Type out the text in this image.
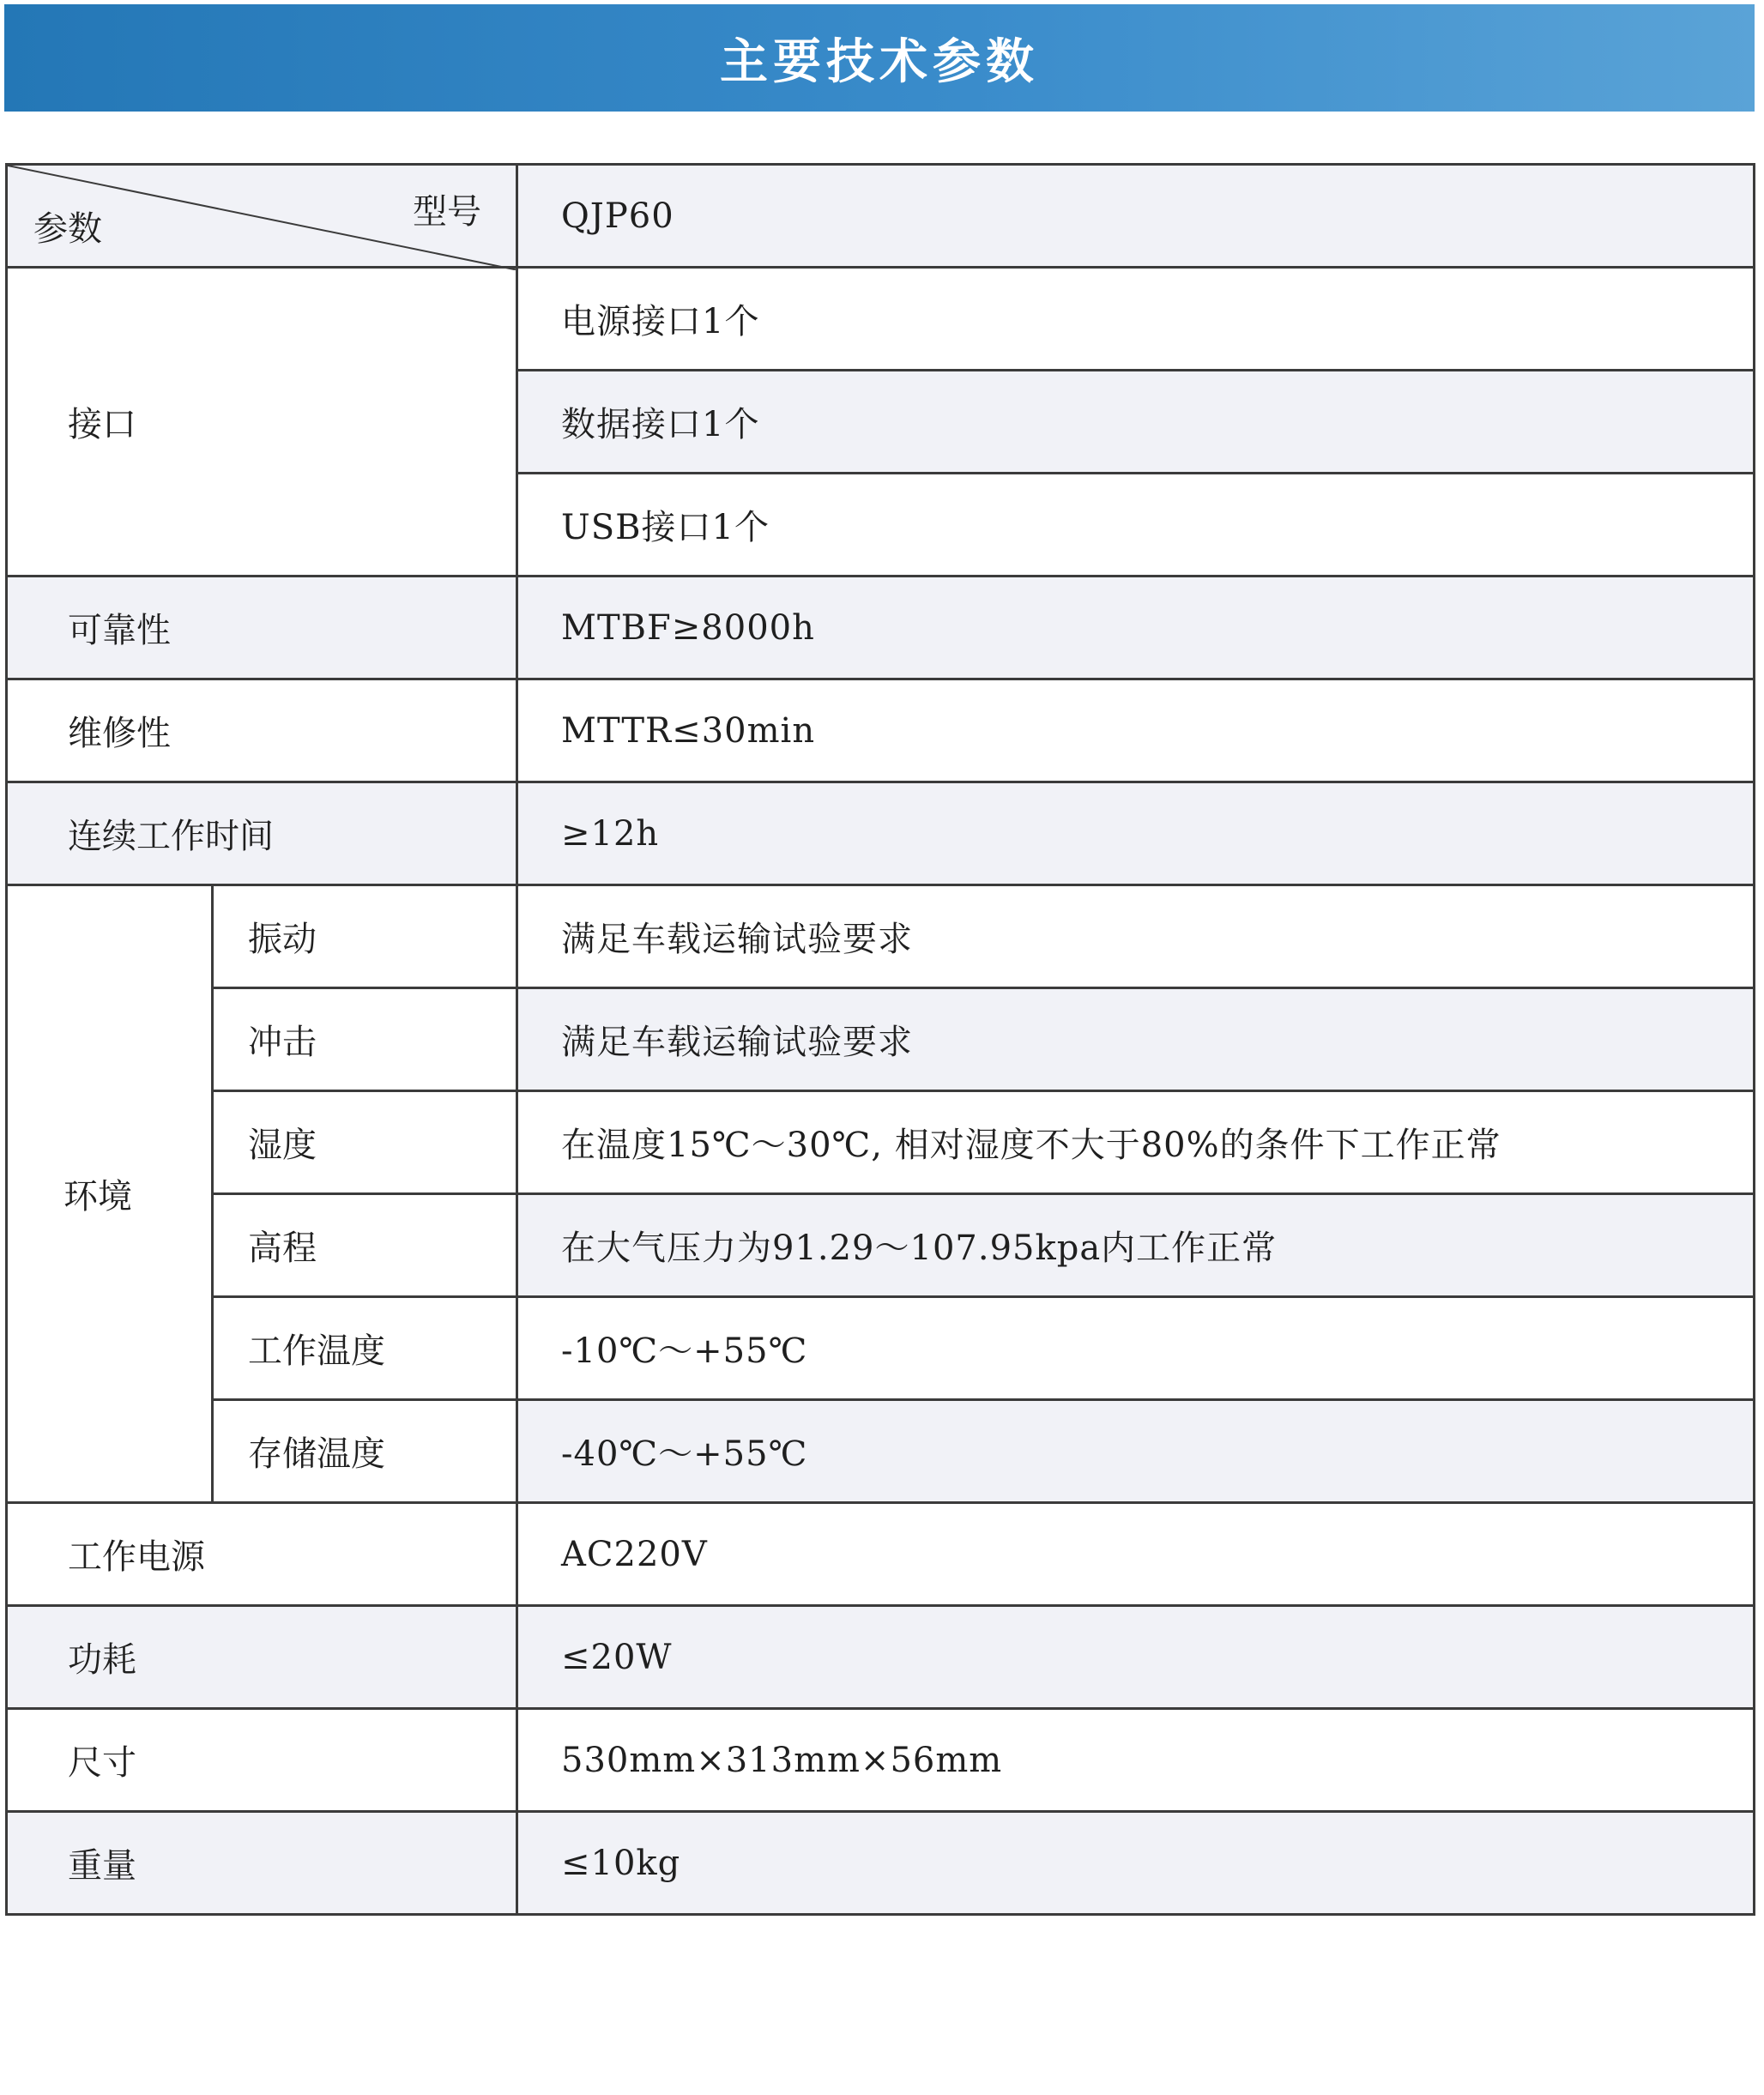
主要技术参数
型号
参数		QJP60
接口		电源接口1个
		数据接口1个
		USB接口1个
可靠性		MTBF≥8000h
维修性		MTTR≤30min
连续工作时间		≥12h
环境	振动	满足车载运输试验要求
	冲击	满足车载运输试验要求
	湿度	在温度15℃～30℃, 相对湿度不大于80%的条件下工作正常
	高程	在大气压力为91.29～107.95kpa内工作正常
	工作温度	-10℃～+55℃
	存储温度	-40℃～+55℃
工作电源		AC220V
功耗		≤20W
尺寸		530mm×313mm×56mm
重量		≤10kg
